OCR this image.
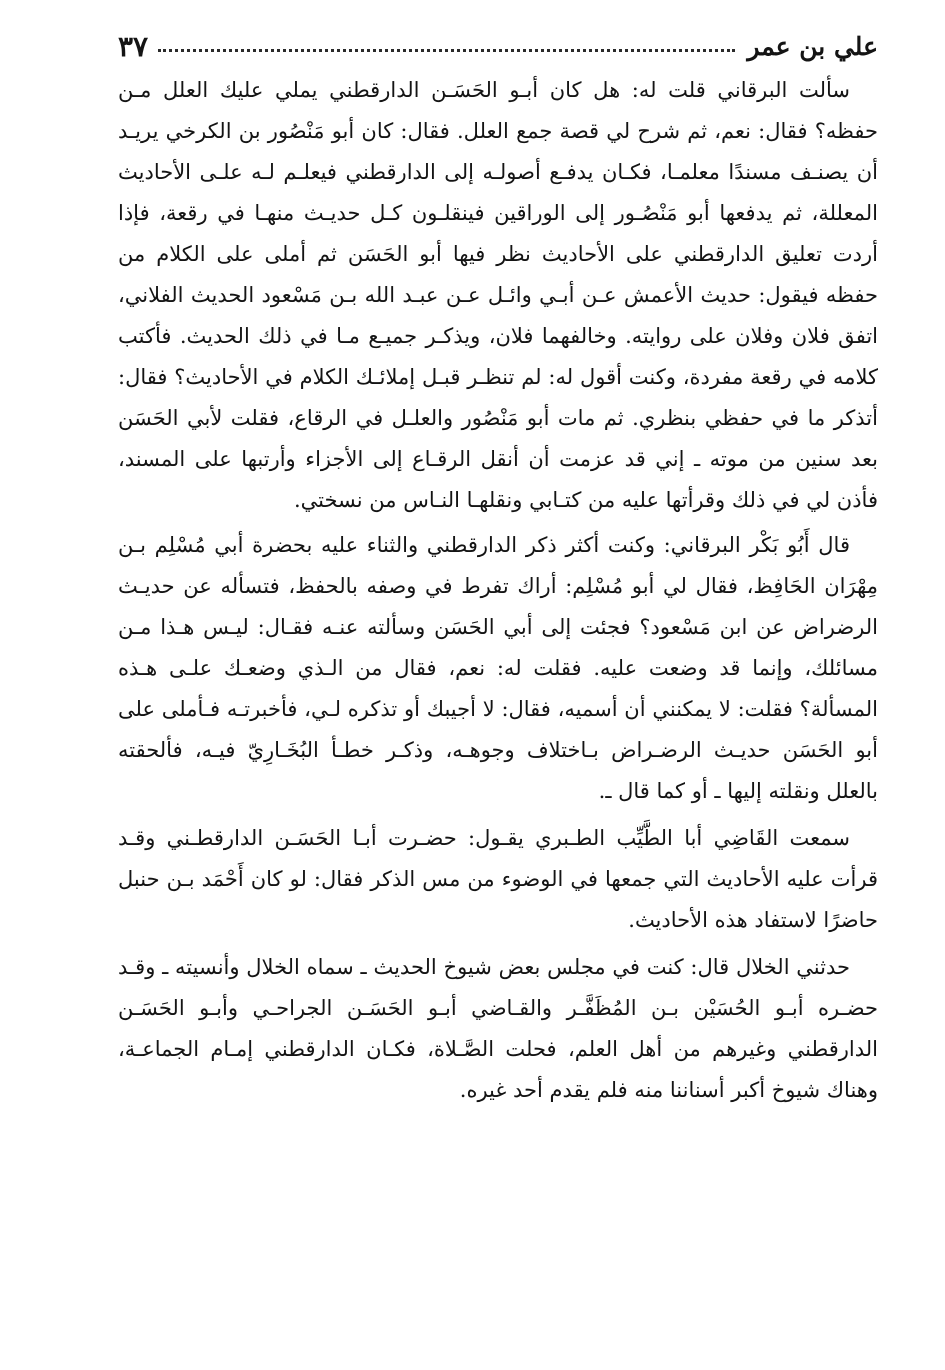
علي بن عمر
٣٧

سألت البرقاني قلت له: هل كان أبـو الحَسَـن الدارقطني يملي عليك العلل مـن حفظه؟ فقال: نعم، ثم شرح لي قصة جمع العلل. فقال: كان أبو مَنْصُور بن الكرخي يريـد أن يصنـف مسندًا معلمـا، فكـان يدفـع أصولـه إلى الدارقطني فيعلـم لـه علـى الأحاديث المعللة، ثم يدفعها أبو مَنْصُـور إلى الوراقين فينقلـون كـل حديـث منهـا في رقعة، فإذا أردت تعليق الدارقطني على الأحاديث نظر فيها أبو الحَسَن ثم أملى على الكلام من حفظه فيقول: حديث الأعمش عـن أبـي وائـل عـن عبـد الله بـن مَسْعود الحديث الفلاني، اتفق فلان وفلان على روايته. وخالفهما فلان، ويذكـر جميـع مـا في ذلك الحديث. فأكتب كلامه في رقعة مفردة، وكنت أقول له: لم تنظـر قبـل إملائـك الكلام في الأحاديث؟ فقال: أتذكر ما في حفظي بنظري. ثم مات أبو مَنْصُور والعلـل في الرقاع، فقلت لأبي الحَسَن بعد سنين من موته ـ إني قد عزمت أن أنقل الرقـاع إلى الأجزاء وأرتبها على المسند، فأذن لي في ذلك وقرأتها عليه من كتـابي ونقلهـا النـاس من نسختي.

قال أَبُو بَكْر البرقاني: وكنت أكثر ذكر الدارقطني والثناء عليه بحضرة أبي مُسْلِم بـن مِهْرَان الحَافِظ، فقال لي أبو مُسْلِم: أراك تفرط في وصفه بالحفظ، فتسأله عن حديـث الرضراض عن ابن مَسْعود؟ فجئت إلى أبي الحَسَن وسألته عنـه فقـال: ليـس هـذا مـن مسائلك، وإنما قد وضعت عليه. فقلت له: نعم، فقال من الـذي وضعـك علـى هـذه المسألة؟ فقلت: لا يمكنني أن أسميه، فقال: لا أجيبك أو تذكره لـي، فأخبرتـه فـأملى على أبو الحَسَن حديـث الرضـراض بـاختلاف وجوهـه، وذكـر خطـأ البُخَـارِيّ فيـه، فألحقته بالعلل ونقلته إليها ـ أو كما قال ـ.

سمعت القَاضِي أبا الطَّيِّب الطـبري يقـول: حضـرت أبـا الحَسَـن الدارقطـني وقـد قرأت عليه الأحاديث التي جمعها في الوضوء من مس الذكر فقال: لو كان أَحْمَد بـن حنبل حاضرًا لاستفاد هذه الأحاديث.

حدثني الخلال قال: كنت في مجلس بعض شيوخ الحديث ـ سماه الخلال وأنسيته ـ وقـد حضـره أبـو الحُسَيْن بـن المُظَفَّـر والقـاضي أبـو الحَسَـن الجراحـي وأبـو الحَسَـن الدارقطني وغيرهم من أهل العلم، فحلت الصَّـلاة، فكـان الدارقطني إمـام الجماعـة، وهناك شيوخ أكبر أسناننا منه فلم يقدم أحد غيره.
